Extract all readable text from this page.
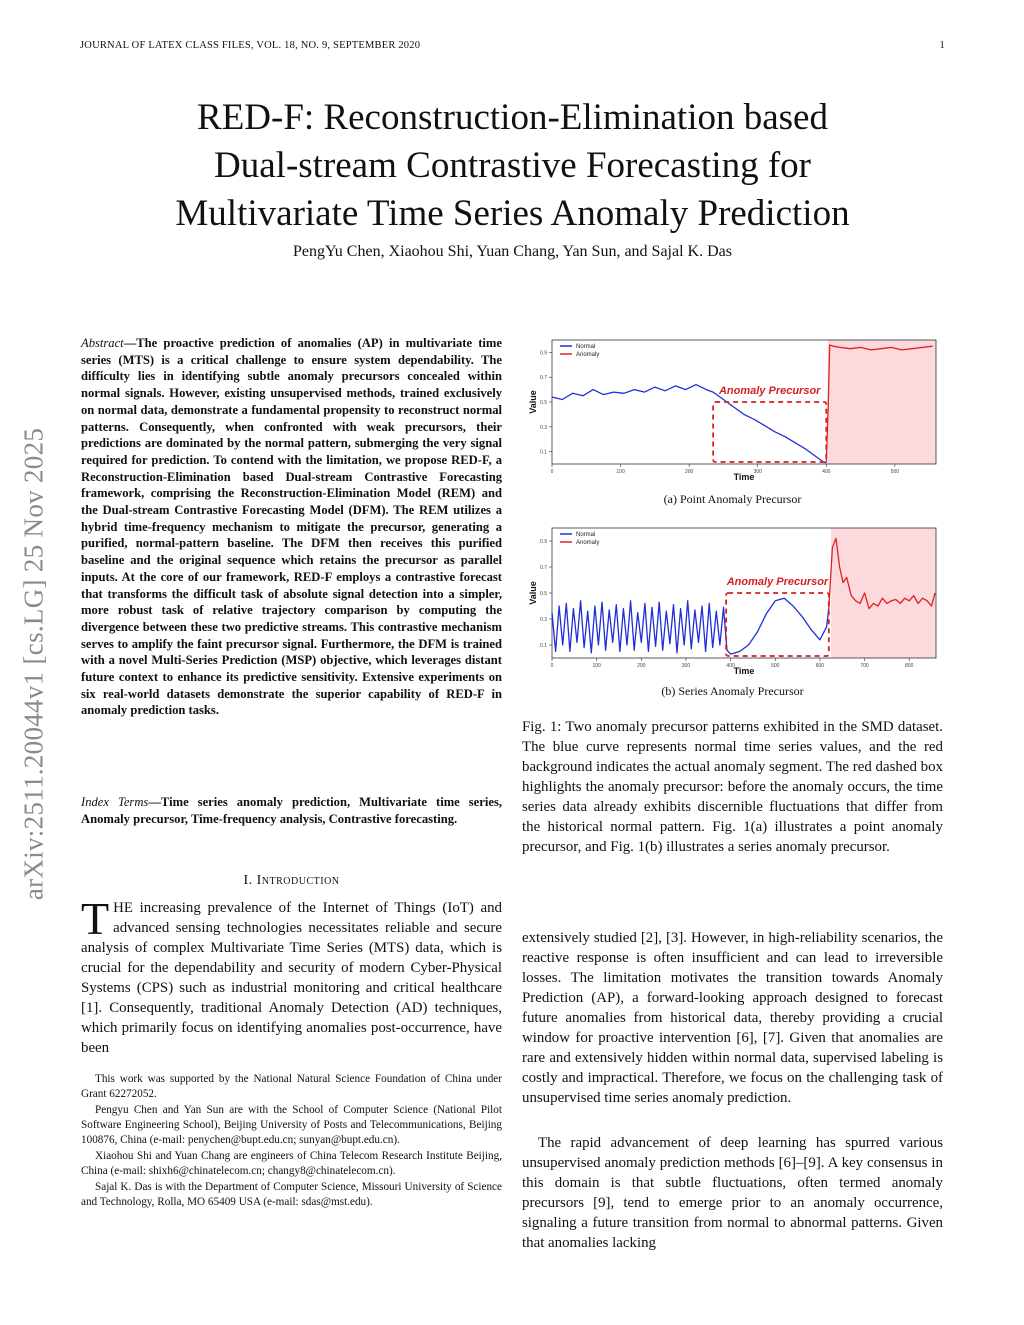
JOURNAL OF LATEX CLASS FILES, VOL. 18, NO. 9, SEPTEMBER 2020	1
arXiv:2511.20044v1 [cs.LG] 25 Nov 2025
RED-F: Reconstruction-Elimination based
Dual-stream Contrastive Forecasting for
Multivariate Time Series Anomaly Prediction
PengYu Chen, Xiaohou Shi, Yuan Chang, Yan Sun, and Sajal K. Das
Abstract—The proactive prediction of anomalies (AP) in multivariate time series (MTS) is a critical challenge to ensure system dependability. The difficulty lies in identifying subtle anomaly precursors concealed within normal signals. However, existing unsupervised methods, trained exclusively on normal data, demonstrate a fundamental propensity to reconstruct normal patterns. Consequently, when confronted with weak precursors, their predictions are dominated by the normal pattern, submerging the very signal required for prediction. To contend with the limitation, we propose RED-F, a Reconstruction-Elimination based Dual-stream Contrastive Forecasting framework, comprising the Reconstruction-Elimination Model (REM) and the Dual-stream Contrastive Forecasting Model (DFM). The REM utilizes a hybrid time-frequency mechanism to mitigate the precursor, generating a purified, normal-pattern baseline. The DFM then receives this purified baseline and the original sequence which retains the precursor as parallel inputs. At the core of our framework, RED-F employs a contrastive forecast that transforms the difficult task of absolute signal detection into a simpler, more robust task of relative trajectory comparison by computing the divergence between these two predictive streams. This contrastive mechanism serves to amplify the faint precursor signal. Furthermore, the DFM is trained with a novel Multi-Series Prediction (MSP) objective, which leverages distant future context to enhance its predictive sensitivity. Extensive experiments on six real-world datasets demonstrate the superior capability of RED-F in anomaly prediction tasks.
Index Terms—Time series anomaly prediction, Multivariate time series, Anomaly precursor, Time-frequency analysis, Contrastive forecasting.
I. Introduction
THE increasing prevalence of the Internet of Things (IoT) and advanced sensing technologies necessitates reliable and secure analysis of complex Multivariate Time Series (MTS) data, which is crucial for the dependability and security of modern Cyber-Physical Systems (CPS) such as industrial monitoring and critical healthcare [1]. Consequently, traditional Anomaly Detection (AD) techniques, which primarily focus on identifying anomalies post-occurrence, have been

This work was supported by the National Natural Science Foundation of China under Grant 62272052.

Pengyu Chen and Yan Sun are with the School of Computer Science (National Pilot Software Engineering School), Beijing University of Posts and Telecommunications, Beijing 100876, China (e-mail: penychen@bupt.edu.cn; sunyan@bupt.edu.cn).

Xiaohou Shi and Yuan Chang are engineers of China Telecom Research Institute Beijing, China (e-mail: shixh6@chinatelecom.cn; changy8@chinatelecom.cn).

Sajal K. Das is with the Department of Computer Science, Missouri University of Science and Technology, Rolla, MO 65409 USA (e-mail: sdas@mst.edu).

0	100	200	300	400	500
0.1
0.3
0.5
0.7
0.9
Time
Value	Anomaly Precursor
Normal
Anomaly
(a) Point Anomaly Precursor
0	100	200	300	400	500	600	700	800
0.1
0.3
0.5
0.7
0.9
Time
Value	Anomaly Precursor
Normal
Anomaly
(b) Series Anomaly Precursor
Fig. 1: Two anomaly precursor patterns exhibited in the SMD dataset. The blue curve represents normal time series values, and the red background indicates the actual anomaly segment. The red dashed box highlights the anomaly precursor: before the anomaly occurs, the time series data already exhibits discernible fluctuations that differ from the historical normal pattern. Fig. 1(a) illustrates a point anomaly precursor, and Fig. 1(b) illustrates a series anomaly precursor.
extensively studied [2], [3]. However, in high-reliability scenarios, the reactive response is often insufficient and can lead to irreversible losses. The limitation motivates the transition towards Anomaly Prediction (AP), a forward-looking approach designed to forecast future anomalies from historical data, thereby providing a crucial window for proactive intervention [6], [7]. Given that anomalies are rare and extensively hidden within normal data, supervised labeling is costly and impractical. Therefore, we focus on the challenging task of unsupervised time series anomaly prediction.
The rapid advancement of deep learning has spurred various unsupervised anomaly prediction methods [6]–[9]. A key consensus in this domain is that subtle fluctuations, often termed anomaly precursors [9], tend to emerge prior to an anomaly occurrence, signaling a future transition from normal to abnormal patterns. Given that anomalies lacking
